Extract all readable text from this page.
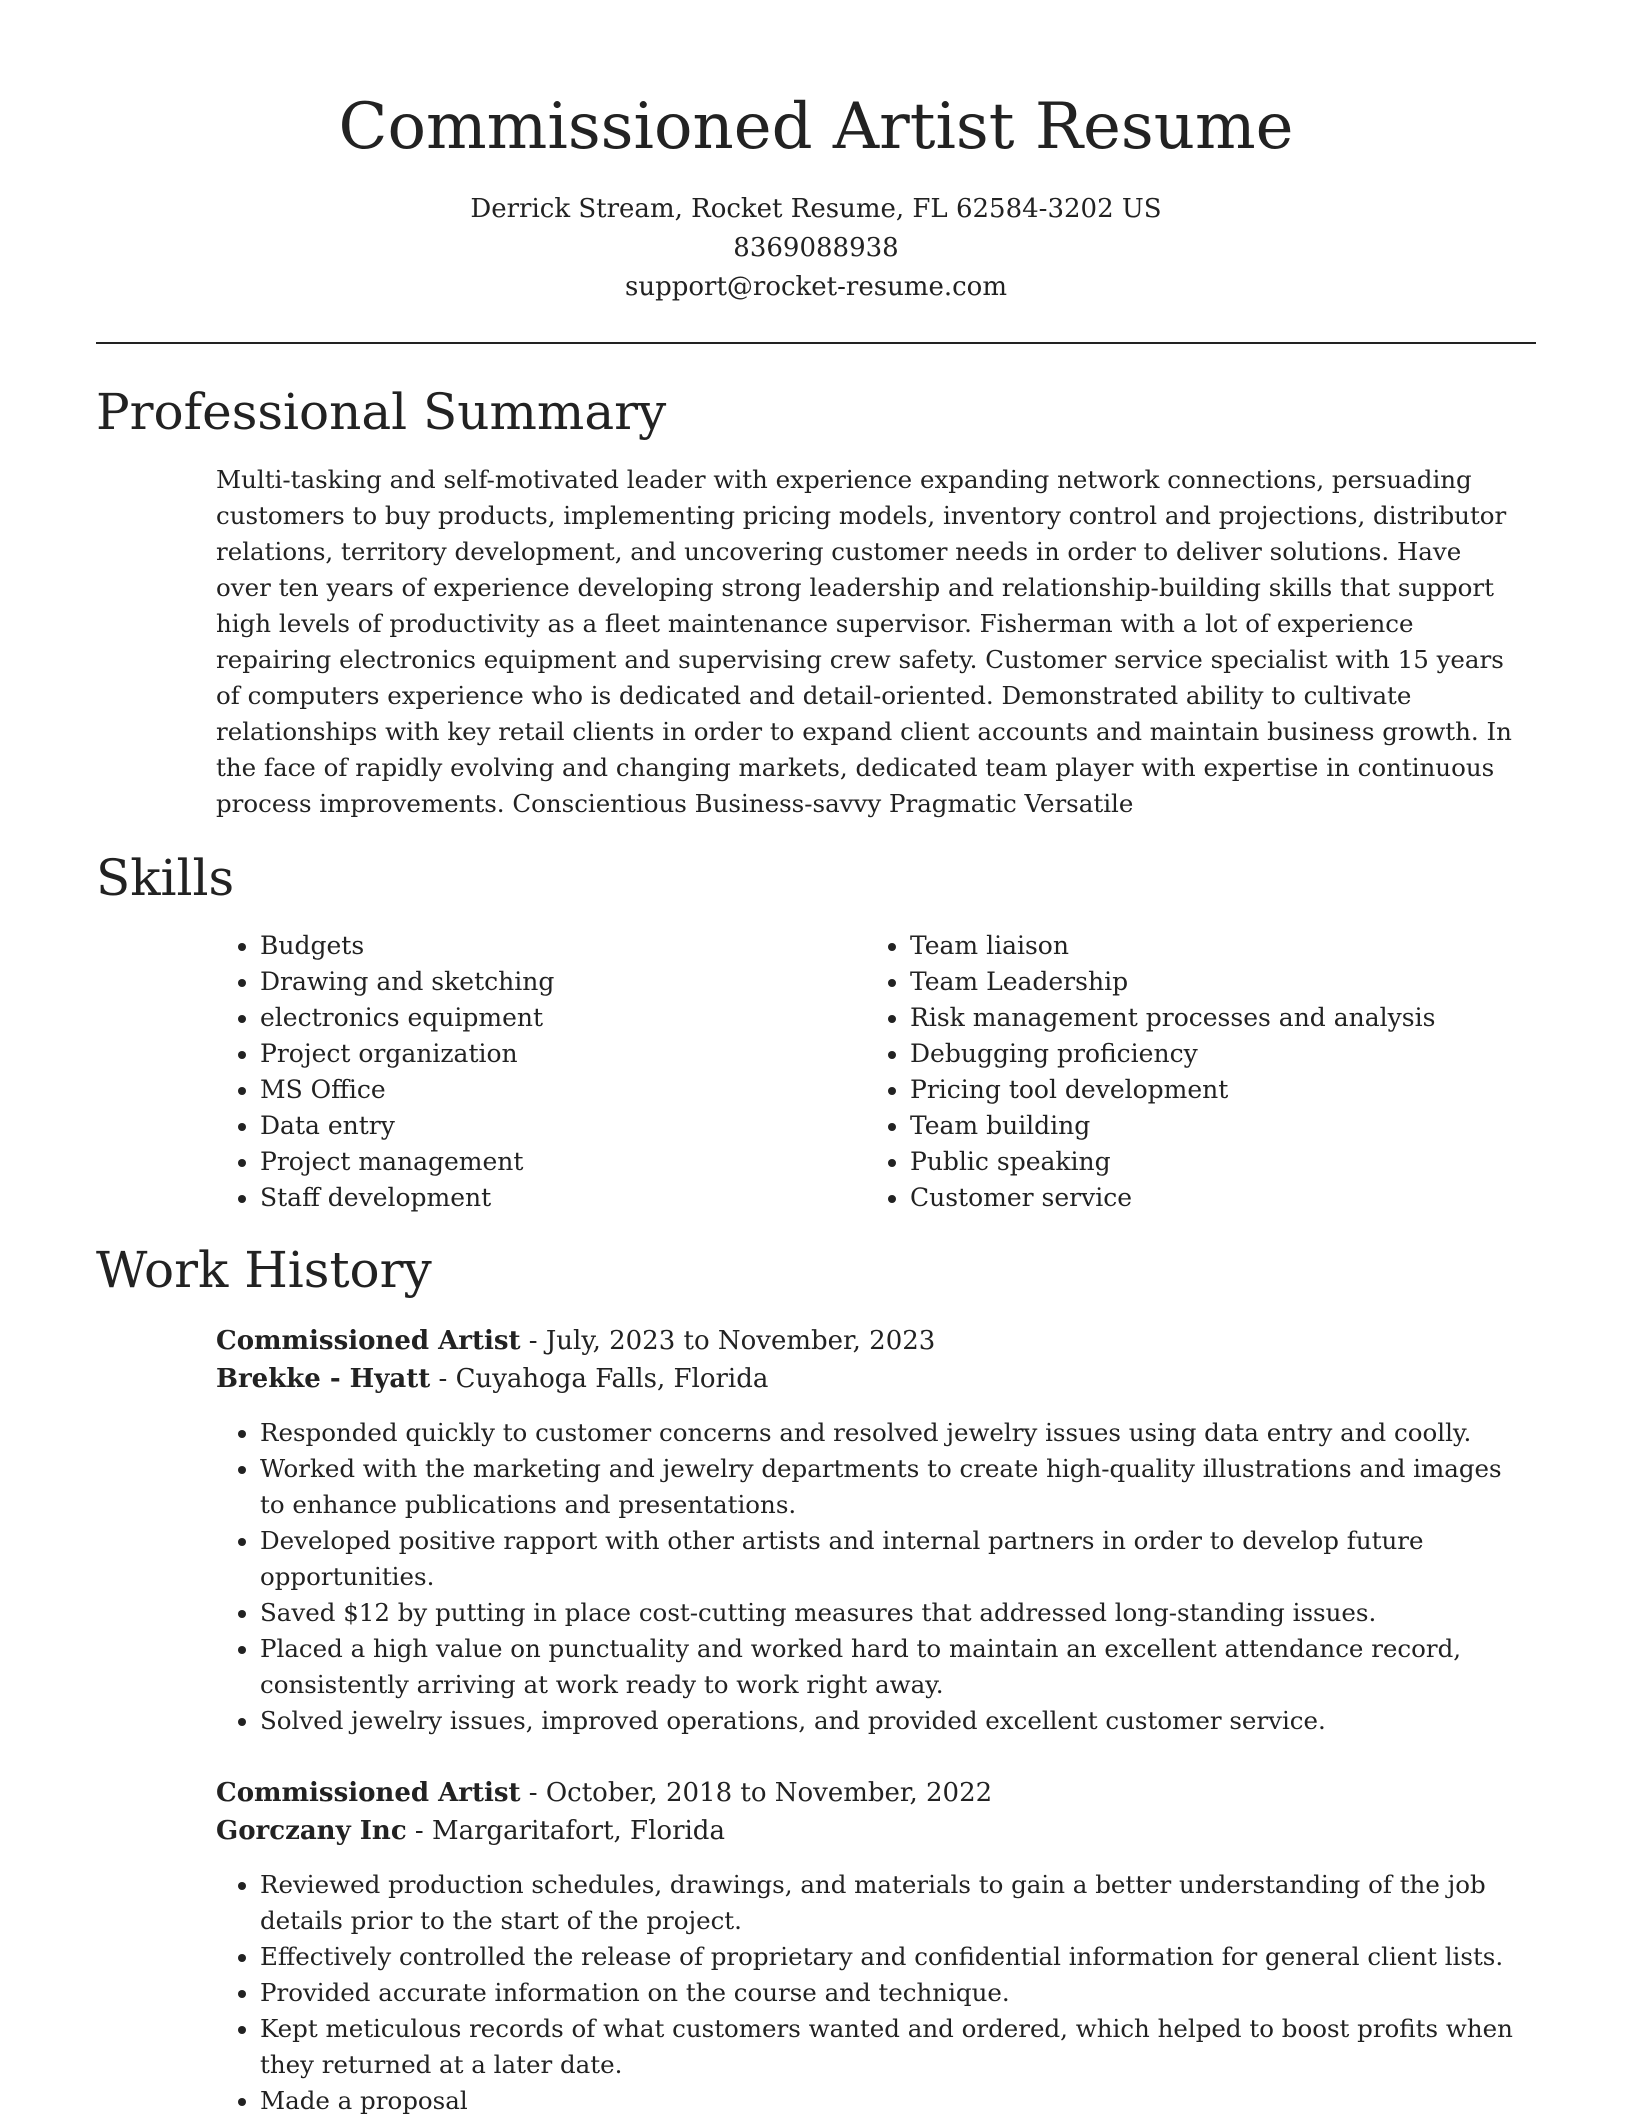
Commissioned Artist Resume
Derrick Stream, Rocket Resume, FL 62584-3202 US
8369088938
support@rocket-resume.com
Professional Summary

Multi-tasking and self-motivated leader with experience expanding network connections, persuading customers to buy products, implementing pricing models, inventory control and projections, distributor relations, territory development, and uncovering customer needs in order to deliver solutions. Have over ten years of experience developing strong leadership and relationship-building skills that support high levels of productivity as a fleet maintenance supervisor. Fisherman with a lot of experience repairing electronics equipment and supervising crew safety. Customer service specialist with 15 years of computers experience who is dedicated and detail-oriented. Demonstrated ability to cultivate relationships with key retail clients in order to expand client accounts and maintain business growth. In the face of rapidly evolving and changing markets, dedicated team player with expertise in continuous process improvements. Conscientious Business-savvy Pragmatic Versatile

Skills
• Budgets
• Drawing and sketching
• electronics equipment
• Project organization
• MS Office
• Data entry
• Project management
• Staff development
• Team liaison
• Team Leadership
• Risk management processes and analysis
• Debugging proficiency
• Pricing tool development
• Team building
• Public speaking
• Customer service
Work History
Commissioned Artist - July, 2023 to November, 2023
Brekke - Hyatt - Cuyahoga Falls, Florida
• Responded quickly to customer concerns and resolved jewelry issues using data entry and coolly.
• Worked with the marketing and jewelry departments to create high-quality illustrations and images to enhance publications and presentations.
• Developed positive rapport with other artists and internal partners in order to develop future opportunities.
• Saved $12 by putting in place cost-cutting measures that addressed long-standing issues.
• Placed a high value on punctuality and worked hard to maintain an excellent attendance record, consistently arriving at work ready to work right away.
• Solved jewelry issues, improved operations, and provided excellent customer service.
Commissioned Artist - October, 2018 to November, 2022
Gorczany Inc - Margaritafort, Florida
• Reviewed production schedules, drawings, and materials to gain a better understanding of the job details prior to the start of the project.
• Effectively controlled the release of proprietary and confidential information for general client lists.
• Provided accurate information on the course and technique.
• Kept meticulous records of what customers wanted and ordered, which helped to boost profits when they returned at a later date.
• Made a proposal
